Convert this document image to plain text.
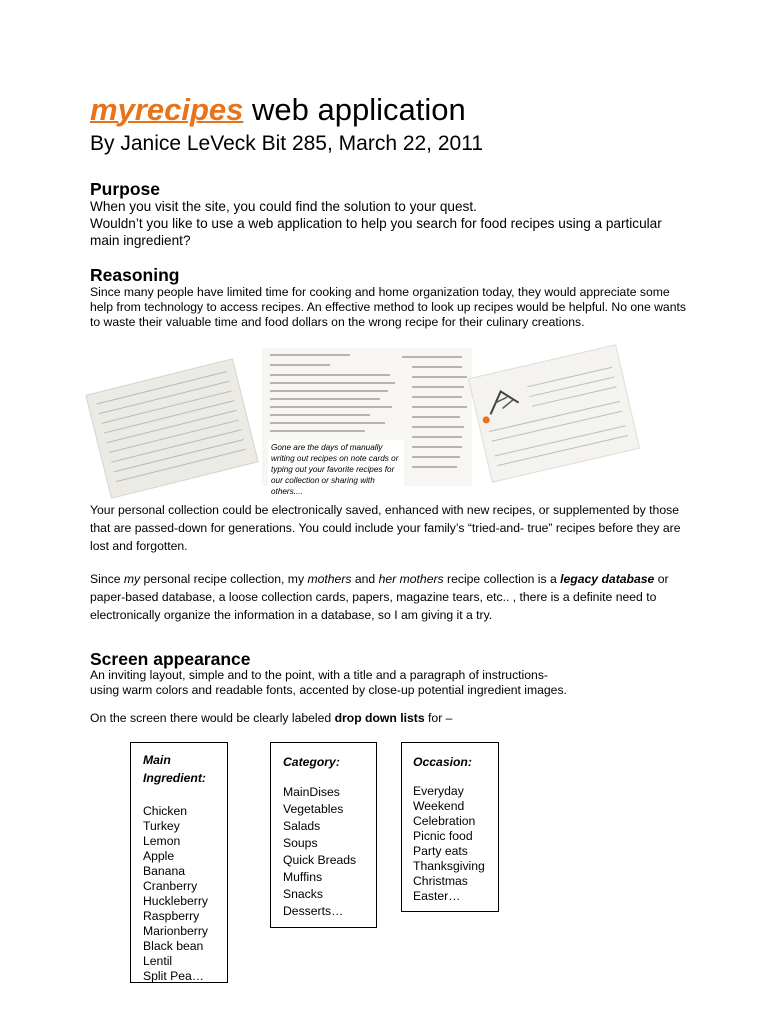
myrecipes web application
By Janice LeVeck Bit 285, March 22, 2011
Purpose

When you visit the site, you could find the solution to your quest.

Wouldn’t you like to use a web application to help you search for food recipes using a particular main ingredient?

Reasoning

Since many people have limited time for cooking and home organization today, they would appreciate some help from technology to access recipes. An effective method to look up recipes would be helpful. No one wants to waste their valuable time and food dollars on the wrong recipe for their culinary creations.

Gone are the days of manually writing out recipes on note cards or typing out your favorite recipes for our collection or sharing with others....

Your personal collection could be electronically saved, enhanced with new recipes, or supplemented by those that are passed-down for generations. You could include your family’s “tried-and- true” recipes before they are lost and forgotten.

Since my personal recipe collection, my mothers and her mothers recipe collection is a legacy database or paper-based database, a loose collection cards, papers, magazine tears, etc.. , there is a definite need to electronically organize the information in a database, so I am giving it a try.

Screen appearance

An inviting layout, simple and to the point, with a title and a paragraph of instructions-

using warm colors and readable fonts, accented by close-up potential ingredient images.

On the screen there would be clearly labeled drop down lists for –

Main
Ingredient:
Chicken
Turkey
Lemon
Apple
Banana
Cranberry
Huckleberry
Raspberry
Marionberry
Black bean
Lentil
Split Pea…
Category:
MainDises
Vegetables
Salads
Soups
Quick Breads
Muffins
Snacks
Desserts…
Occasion:
Everyday
Weekend
Celebration
Picnic food
Party eats
Thanksgiving
Christmas
Easter…
